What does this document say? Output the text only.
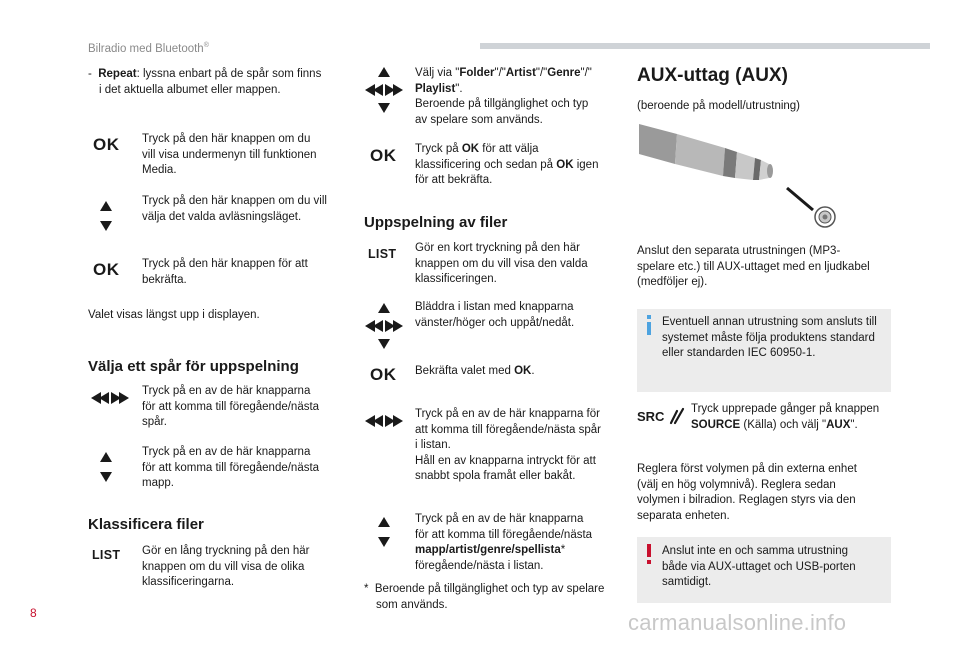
Bilradio med Bluetooth®
- Repeat: lyssna enbart på de spår som finns
i det aktuella albumet eller mappen.
OK Tryck på den här knappen om du
vill visa undermenyn till funktionen
Media.
Tryck på den här knappen om du vill
välja det valda avläsningsläget.
OK Tryck på den här knappen för att
bekräfta.
Valet visas längst upp i displayen.
Välja ett spår för uppspelning
Tryck på en av de här knapparna
för att komma till föregående/nästa
spår.
Tryck på en av de här knapparna
för att komma till föregående/nästa
mapp.
Klassificera filer
LIST Gör en lång tryckning på den här
knappen om du vill visa de olika
klassificeringarna.
Välj via "Folder"/"Artist"/"Genre"/"
Playlist".
Beroende på tillgänglighet och typ
av spelare som används.
OK Tryck på OK för att välja
klassificering och sedan på OK igen
för att bekräfta.
Uppspelning av filer
LIST Gör en kort tryckning på den här
knappen om du vill visa den valda
klassificeringen.
Bläddra i listan med knapparna
vänster/höger och uppåt/nedåt.
OK Bekräfta valet med OK.
Tryck på en av de här knapparna för
att komma till föregående/nästa spår
i listan.
Håll en av knapparna intryckt för att
snabbt spola framåt eller bakåt.
Tryck på en av de här knapparna
för att komma till föregående/nästa
mapp/artist/genre/spellista*
föregående/nästa i listan.
* Beroende på tillgänglighet och typ av spelare
som används.
AUX-uttag (AUX)
(beroende på modell/utrustning)
Anslut den separata utrustningen (MP3-
spelare etc.) till AUX-uttaget med en ljudkabel
(medföljer ej).
Eventuell annan utrustning som ansluts till
systemet måste följa produktens standard
eller standarden IEC 60950-1.
SRC Tryck upprepade gånger på knappen
SOURCE (Källa) och välj "AUX".
Reglera först volymen på din externa enhet
(välj en hög volymnivå). Reglera sedan
volymen i bilradion. Reglagen styrs via den
separata enheten.
Anslut inte en och samma utrustning
både via AUX-uttaget och USB-porten
samtidigt.
8	carmanualsonline.info
